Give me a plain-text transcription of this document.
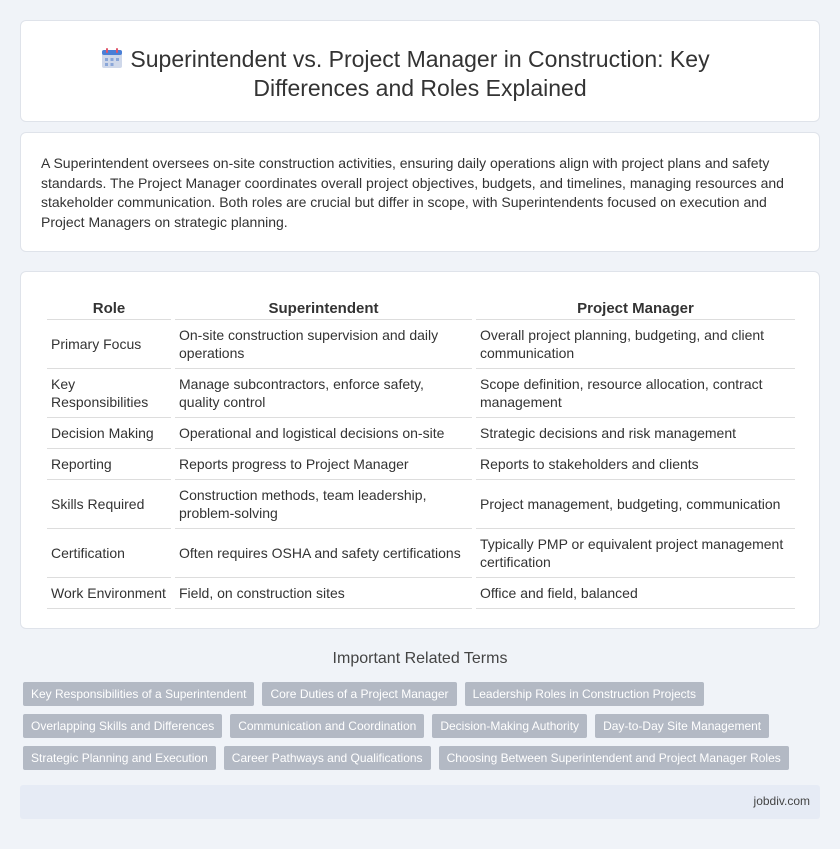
Superintendent vs. Project Manager in Construction: Key Differences and Roles Explained

A Superintendent oversees on-site construction activities, ensuring daily operations align with project plans and safety standards. The Project Manager coordinates overall project objectives, budgets, and timelines, managing resources and stakeholder communication. Both roles are crucial but differ in scope, with Superintendents focused on execution and Project Managers on strategic planning.

Role	Superintendent	Project Manager
Primary Focus	On-site construction supervision and daily operations	Overall project planning, budgeting, and client communication
Key Responsibilities	Manage subcontractors, enforce safety, quality control	Scope definition, resource allocation, contract management
Decision Making	Operational and logistical decisions on-site	Strategic decisions and risk management
Reporting	Reports progress to Project Manager	Reports to stakeholders and clients
Skills Required	Construction methods, team leadership, problem-solving	Project management, budgeting, communication
Certification	Often requires OSHA and safety certifications	Typically PMP or equivalent project management certification
Work Environment	Field, on construction sites	Office and field, balanced
Important Related Terms
Key Responsibilities of a Superintendent	Core Duties of a Project Manager	Leadership Roles in Construction Projects
Overlapping Skills and Differences	Communication and Coordination	Decision-Making Authority	Day-to-Day Site Management
Strategic Planning and Execution	Career Pathways and Qualifications	Choosing Between Superintendent and Project Manager Roles
jobdiv.com
